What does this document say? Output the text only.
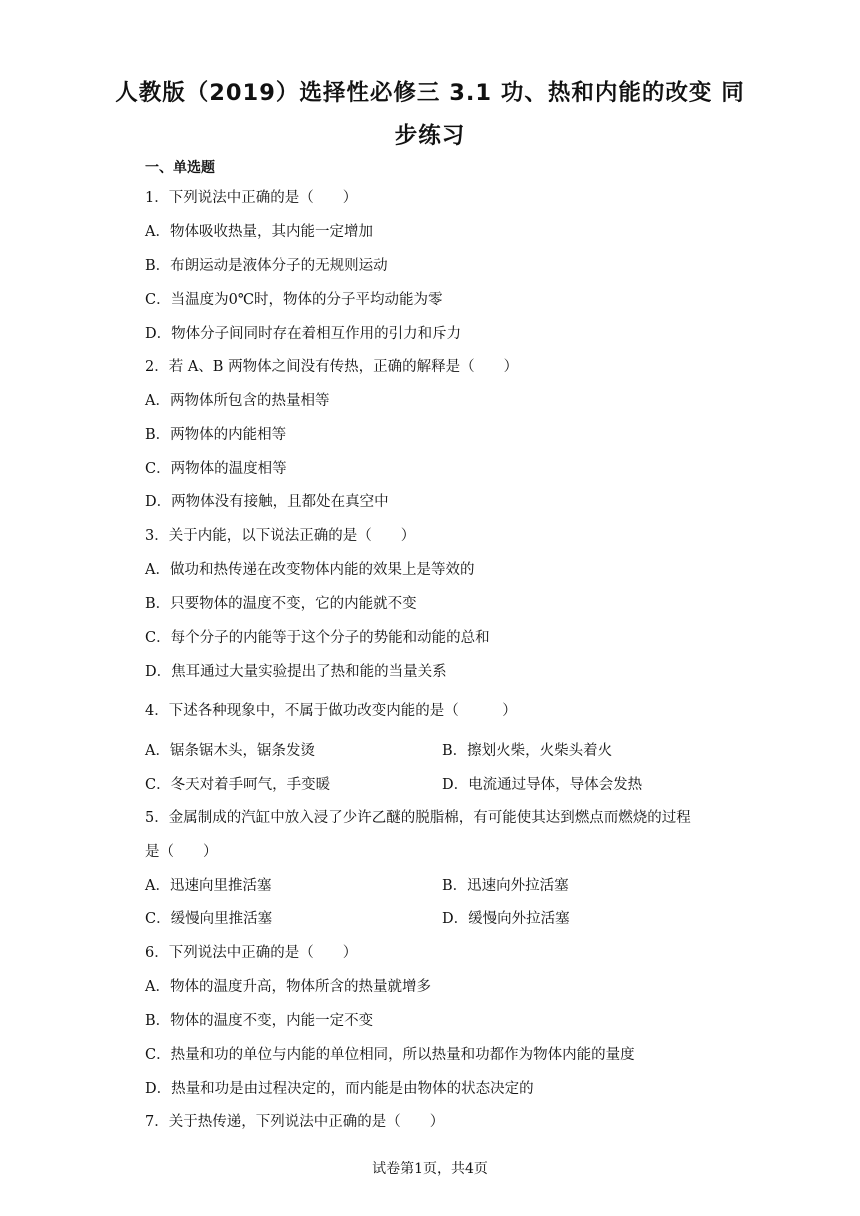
人教版（2019）选择性必修三 3.1 功、热和内能的改变 同
步练习
一、单选题
1．下列说法中正确的是（　　）
A．物体吸收热量，其内能一定增加
B．布朗运动是液体分子的无规则运动
C．当温度为0℃时，物体的分子平均动能为零
D．物体分子间同时存在着相互作用的引力和斥力
2．若 A、B 两物体之间没有传热，正确的解释是（　　）
A．两物体所包含的热量相等
B．两物体的内能相等
C．两物体的温度相等
D．两物体没有接触，且都处在真空中
3．关于内能，以下说法正确的是（　　）
A．做功和热传递在改变物体内能的效果上是等效的
B．只要物体的温度不变，它的内能就不变
C．每个分子的内能等于这个分子的势能和动能的总和
D．焦耳通过大量实验提出了热和能的当量关系
4．下述各种现象中，不属于做功改变内能的是（　　　）
A．锯条锯木头，锯条发烫	B．擦划火柴，火柴头着火
C．冬天对着手呵气，手变暖	D．电流通过导体，导体会发热
5．金属制成的汽缸中放入浸了少许乙醚的脱脂棉，有可能使其达到燃点而燃烧的过程
是（　　）
A．迅速向里推活塞	B．迅速向外拉活塞
C．缓慢向里推活塞	D．缓慢向外拉活塞
6．下列说法中正确的是（　　）
A．物体的温度升高，物体所含的热量就增多
B．物体的温度不变，内能一定不变
C．热量和功的单位与内能的单位相同，所以热量和功都作为物体内能的量度
D．热量和功是由过程决定的，而内能是由物体的状态决定的
7．关于热传递，下列说法中正确的是（　　）
试卷第1页，共4页
